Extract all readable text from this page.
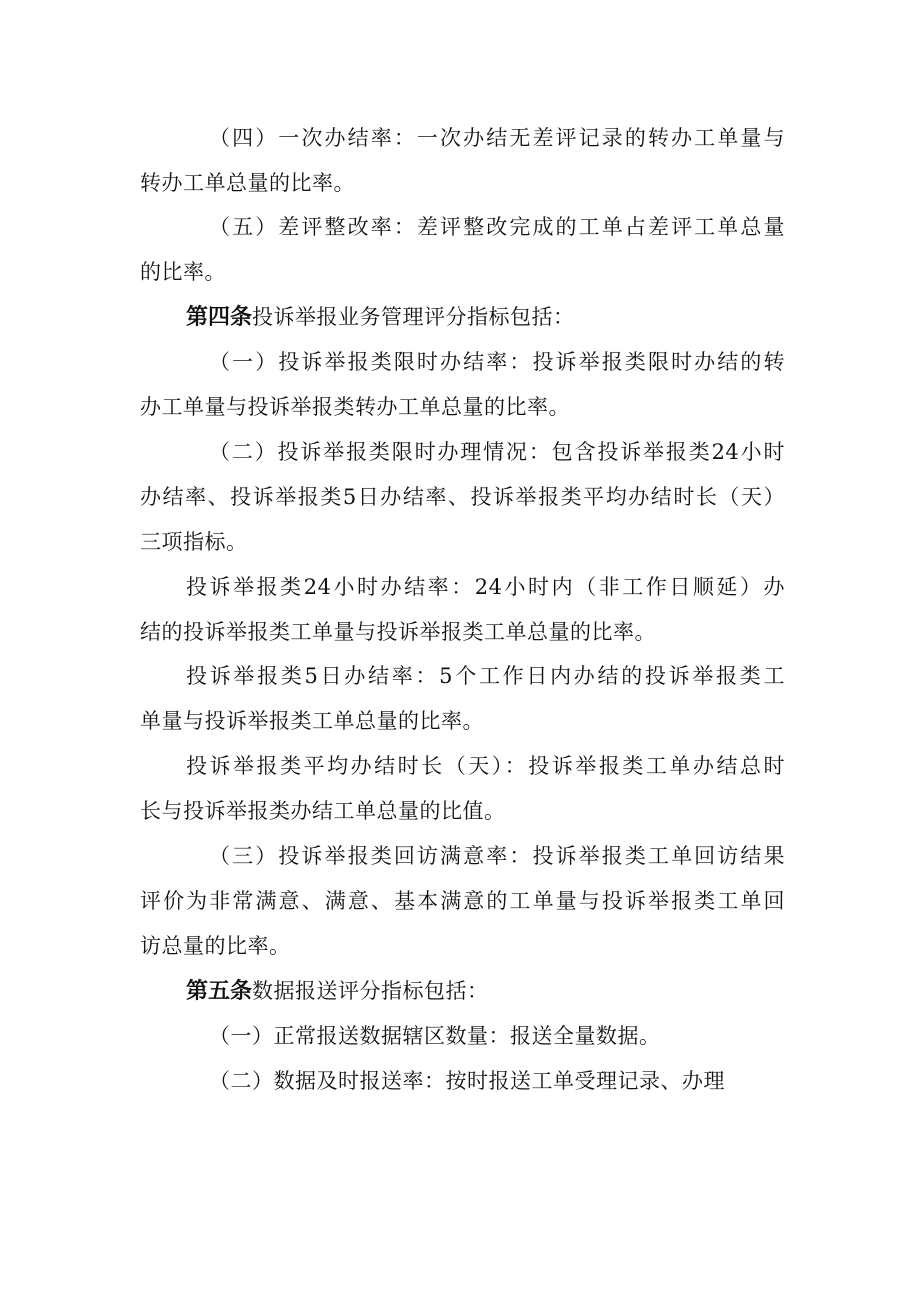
（四）一次办结率：一次办结无差评记录的转办工单量与
转办工单总量的比率。
（五）差评整改率：差评整改完成的工单占差评工单总量
的比率。
第四条投诉举报业务管理评分指标包括：
（一）投诉举报类限时办结率：投诉举报类限时办结的转
办工单量与投诉举报类转办工单总量的比率。
（二）投诉举报类限时办理情况：包含投诉举报类24小时
办结率、投诉举报类5日办结率、投诉举报类平均办结时长（天）
三项指标。
投诉举报类24小时办结率：24小时内（非工作日顺延）办
结的投诉举报类工单量与投诉举报类工单总量的比率。
投诉举报类5日办结率：5个工作日内办结的投诉举报类工
单量与投诉举报类工单总量的比率。
投诉举报类平均办结时长（天）：投诉举报类工单办结总时
长与投诉举报类办结工单总量的比值。
（三）投诉举报类回访满意率：投诉举报类工单回访结果
评价为非常满意、满意、基本满意的工单量与投诉举报类工单回
访总量的比率。
第五条数据报送评分指标包括：
（一）正常报送数据辖区数量：报送全量数据。
（二）数据及时报送率：按时报送工单受理记录、办理
